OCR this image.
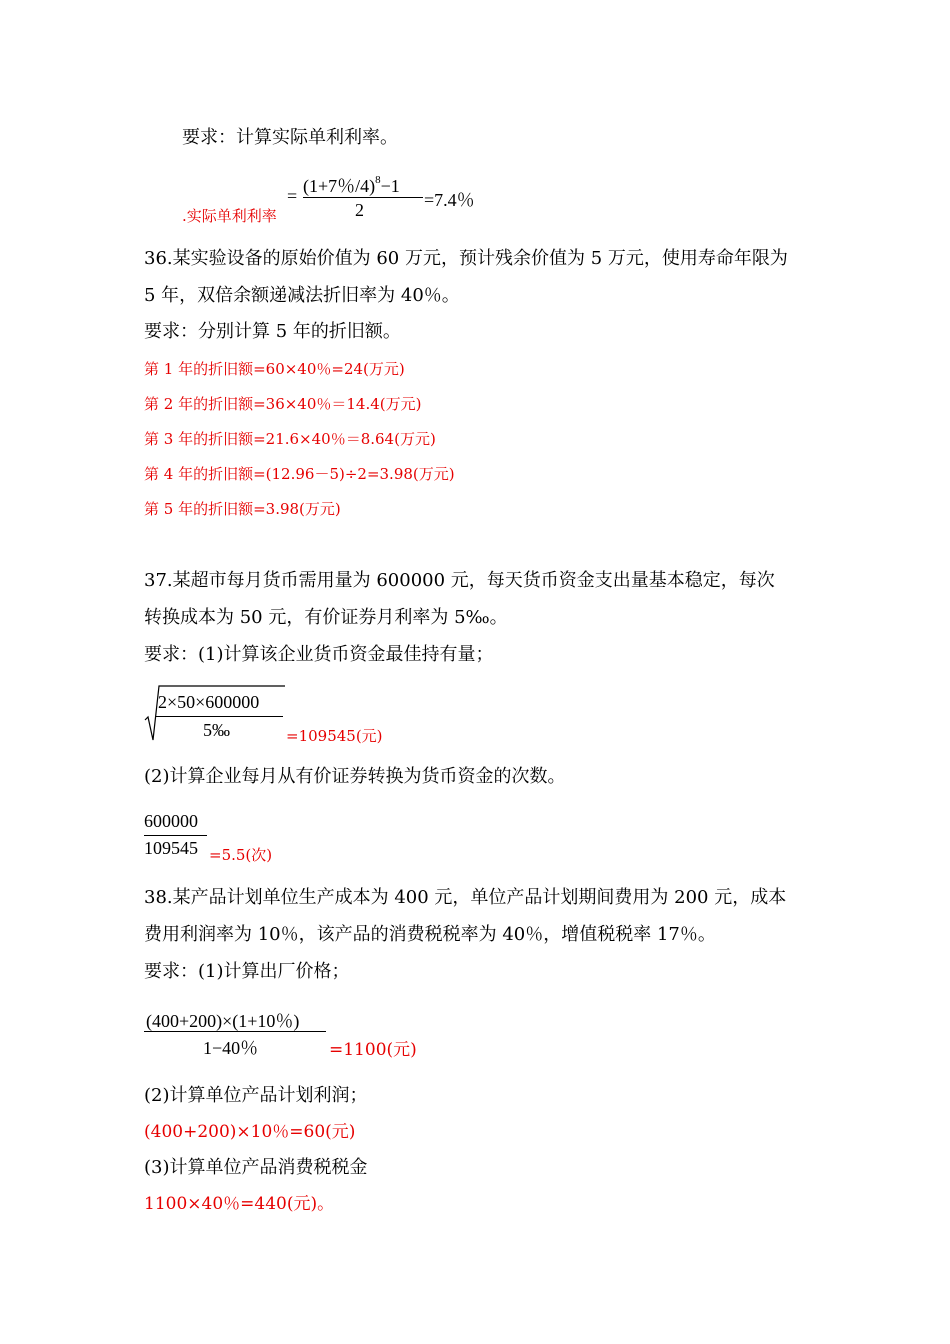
要求：计算实际单利利率。
= (1+7％/4)$^8$−1
2	=7.4％
.实际单利利率
36.某实验设备的原始价值为 60 万元，预计残余价值为 5 万元，使用寿命年限为
5 年，双倍余额递减法折旧率为 40％。
要求：分别计算 5 年的折旧额。
第 1 年的折旧额=60×40％=24(万元)
第 2 年的折旧额=36×40％＝14.4(万元)
第 3 年的折旧额=21.6×40％＝8.64(万元)
第 4 年的折旧额=(12.96－5)÷2=3.98(万元)
第 5 年的折旧额=3.98(万元)
37.某超市每月货币需用量为 600000 元，每天货币资金支出量基本稳定，每次
转换成本为 50 元，有价证券月利率为 5‰。
要求：(1)计算该企业货币资金最佳持有量；
2×50×600000
5‰	=109545(元)
(2)计算企业每月从有价证券转换为货币资金的次数。
600000
109545 =5.5(次)
38.某产品计划单位生产成本为 400 元，单位产品计划期间费用为 200 元，成本
费用利润率为 10％，该产品的消费税税率为 40％，增值税税率 17％。
要求：(1)计算出厂价格；
(400+200)×(1+10％)
1−40％	=1100(元)
(2)计算单位产品计划利润；
(400+200)×10％=60(元)
(3)计算单位产品消费税税金
1100×40％=440(元)。
